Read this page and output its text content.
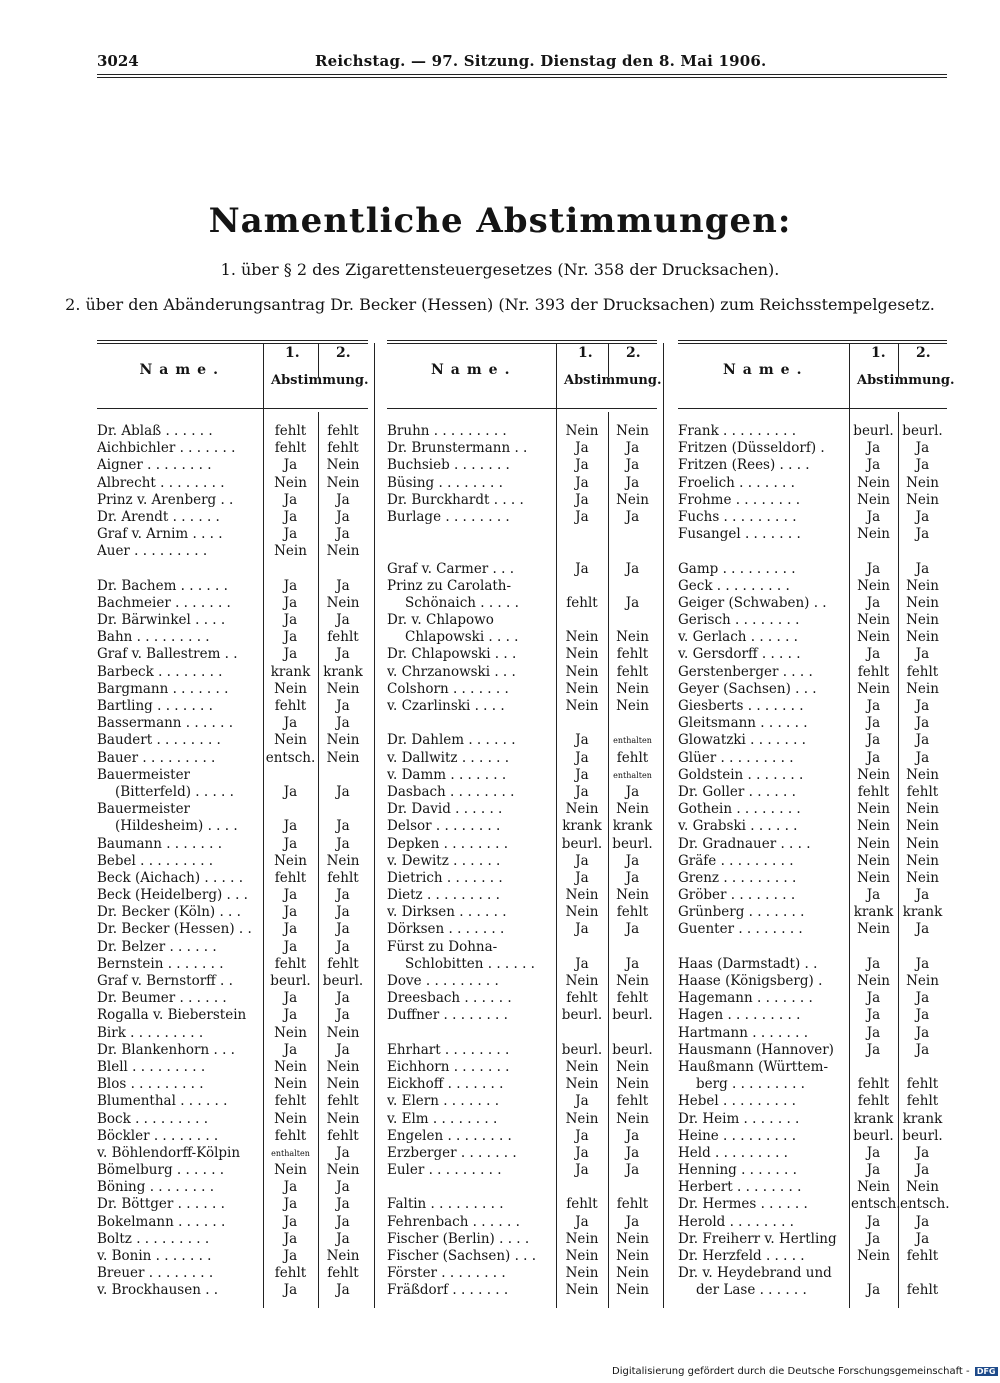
3024	Reichstag. — 97. Sitzung. Dienstag den 8. Mai 1906.
Namentliche Abstimmungen:
1. über § 2 des Zigarettensteuergesetzes (Nr. 358 der Drucksachen).
2. über den Abänderungsantrag Dr. Becker (Hessen) (Nr. 393 der Drucksachen) zum Reichsstempelgesetz.
Name.
1.	2.
Abstimmung.
Dr. Ablaß . . . . . .	fehlt	fehlt
Aichbichler . . . . . . .	fehlt	fehlt
Aigner . . . . . . . .	Ja	Nein
Albrecht . . . . . . . .	Nein	Nein
Prinz v. Arenberg . .	Ja	Ja
Dr. Arendt . . . . . .	Ja	Ja
Graf v. Arnim . . . .	Ja	Ja
Auer . . . . . . . . .	Nein	Nein
Dr. Bachem . . . . . .	Ja	Ja
Bachmeier . . . . . . .	Ja	Nein
Dr. Bärwinkel . . . .	Ja	Ja
Bahn . . . . . . . . .	Ja	fehlt
Graf v. Ballestrem . .	Ja	Ja
Barbeck . . . . . . . .	krank krank
Bargmann . . . . . . .	Nein	Nein
Bartling . . . . . . .	fehlt	Ja
Bassermann . . . . . .	Ja	Ja
Baudert . . . . . . . .	Nein	Nein
Bauer . . . . . . . . .	entsch. Nein
Bauermeister
(Bitterfeld) . . . . .	Ja	Ja
Bauermeister
(Hildesheim) . . . .	Ja	Ja
Baumann . . . . . . .	Ja	Ja
Bebel . . . . . . . . .	Nein	Nein
Beck (Aichach) . . . . .	fehlt	fehlt
Beck (Heidelberg) . . .	Ja	Ja
Dr. Becker (Köln) . . .	Ja	Ja
Dr. Becker (Hessen) . .	Ja	Ja
Dr. Belzer . . . . . .	Ja	Ja
Bernstein . . . . . . .	fehlt	fehlt
Graf v. Bernstorff . .	beurl. beurl.
Dr. Beumer . . . . . .	Ja	Ja
Rogalla v. Bieberstein	Ja	Ja
Birk . . . . . . . . .	Nein	Nein
Dr. Blankenhorn . . .	Ja	Ja
Blell . . . . . . . . .	Nein	Nein
Blos . . . . . . . . .	Nein	Nein
Blumenthal . . . . . .	fehlt	fehlt
Bock . . . . . . . . .	Nein	Nein
Böckler . . . . . . . .	fehlt	fehlt
v. Böhlendorff-Kölpin	enthalten	Ja
Bömelburg . . . . . .	Nein	Nein
Böning . . . . . . . .	Ja	Ja
Dr. Böttger . . . . . .	Ja	Ja
Bokelmann . . . . . .	Ja	Ja
Boltz . . . . . . . . .	Ja	Ja
v. Bonin . . . . . . .	Ja	Nein
Breuer . . . . . . . .	fehlt	fehlt
v. Brockhausen . .	Ja	Ja
Name.
1. 2.
Abstimmung.
Bruhn . . . . . . . . .	Nein	Nein
Dr. Brunstermann . .	Ja	Ja
Buchsieb . . . . . . .	Ja	Ja
Büsing . . . . . . . .	Ja	Ja
Dr. Burckhardt . . . .	Ja	Nein
Burlage . . . . . . . .	Ja	Ja
Graf v. Carmer . . .	Ja	Ja
Prinz zu Carolath-
Schönaich . . . . .	fehlt	Ja
Dr. v. Chlapowo
Chlapowski . . . .	Nein	Nein
Dr. Chlapowski . . .	Nein	fehlt
v. Chrzanowski . . .	Nein	fehlt
Colshorn . . . . . . .	Nein	Nein
v. Czarlinski . . . .	Nein	Nein
Dr. Dahlem . . . . . .	Ja	enthalten
v. Dallwitz . . . . . .	Ja	fehlt
v. Damm . . . . . . .	Ja	enthalten
Dasbach . . . . . . . .	Ja	Ja
Dr. David . . . . . .	Nein	Nein
Delsor . . . . . . . .	krank krank
Depken . . . . . . . .	beurl. beurl.
v. Dewitz . . . . . .	Ja	Ja
Dietrich . . . . . . .	Ja	Ja
Dietz . . . . . . . . .	Nein	Nein
v. Dirksen . . . . . .	Nein	fehlt
Dörksen . . . . . . .	Ja	Ja
Fürst zu Dohna-
Schlobitten . . . . . .	Ja	Ja
Dove . . . . . . . . .	Nein	Nein
Dreesbach . . . . . .	fehlt	fehlt
Duffner . . . . . . . .	beurl. beurl.
Ehrhart . . . . . . . .	beurl. beurl.
Eichhorn . . . . . . .	Nein	Nein
Eickhoff . . . . . . .	Nein	Nein
v. Elern . . . . . . .	Ja	fehlt
v. Elm . . . . . . . .	Nein	Nein
Engelen . . . . . . . .	Ja	Ja
Erzberger . . . . . . .	Ja	Ja
Euler . . . . . . . . .	Ja	Ja
Faltin . . . . . . . . .	fehlt	fehlt
Fehrenbach . . . . . .	Ja	Ja
Fischer (Berlin) . . . .	Nein	Nein
Fischer (Sachsen) . . .	Nein	Nein
Förster . . . . . . . .	Nein	Nein
Fräßdorf . . . . . . .	Nein	Nein
Name.
1. 2.
Abstimmung.
Frank . . . . . . . . .	beurl. beurl.
Fritzen (Düsseldorf) .	Ja	Ja
Fritzen (Rees) . . . .	Ja	Ja
Froelich . . . . . . .	Nein	Nein
Frohme . . . . . . . .	Nein	Nein
Fuchs . . . . . . . . .	Ja	Ja
Fusangel . . . . . . .	Nein	Ja
Gamp . . . . . . . . .	Ja	Ja
Geck . . . . . . . . .	Nein	Nein
Geiger (Schwaben) . .	Ja	Nein
Gerisch . . . . . . . .	Nein	Nein
v. Gerlach . . . . . .	Nein	Nein
v. Gersdorff . . . . .	Ja	Ja
Gerstenberger . . . .	fehlt	fehlt
Geyer (Sachsen) . . .	Nein	Nein
Giesberts . . . . . . .	Ja	Ja
Gleitsmann . . . . . .	Ja	Ja
Glowatzki . . . . . . .	Ja	Ja
Glüer . . . . . . . . .	Ja	Ja
Goldstein . . . . . . .	Nein	Nein
Dr. Goller . . . . . .	fehlt	fehlt
Gothein . . . . . . . .	Nein	Nein
v. Grabski . . . . . .	Nein	Nein
Dr. Gradnauer . . . .	Nein	Nein
Gräfe . . . . . . . . .	Nein	Nein
Grenz . . . . . . . . .	Nein	Nein
Gröber . . . . . . . .	Ja	Ja
Grünberg . . . . . . .	krank krank
Guenter . . . . . . . .	Nein	Ja
Haas (Darmstadt) . .	Ja	Ja
Haase (Königsberg) .	Nein	Nein
Hagemann . . . . . . .	Ja	Ja
Hagen . . . . . . . . .	Ja	Ja
Hartmann . . . . . . .	Ja	Ja
Hausmann (Hannover)	Ja	Ja
Haußmann (Württem-
berg . . . . . . . . .	fehlt	fehlt
Hebel . . . . . . . . .	fehlt	fehlt
Dr. Heim . . . . . . .	krank krank
Heine . . . . . . . . .	beurl. beurl.
Held . . . . . . . . .	Ja	Ja
Henning . . . . . . .	Ja	Ja
Herbert . . . . . . . .	Nein	Nein
Dr. Hermes . . . . . .	entsch. entsch.
Herold . . . . . . . .	Ja	Ja
Dr. Freiherr v. Hertling	Ja	Ja
Dr. Herzfeld . . . . .	Nein	fehlt
Dr. v. Heydebrand und
der Lase . . . . . .	Ja	fehlt
Digitalisierung gefördert durch die Deutsche Forschungsgemeinschaft - DFG
